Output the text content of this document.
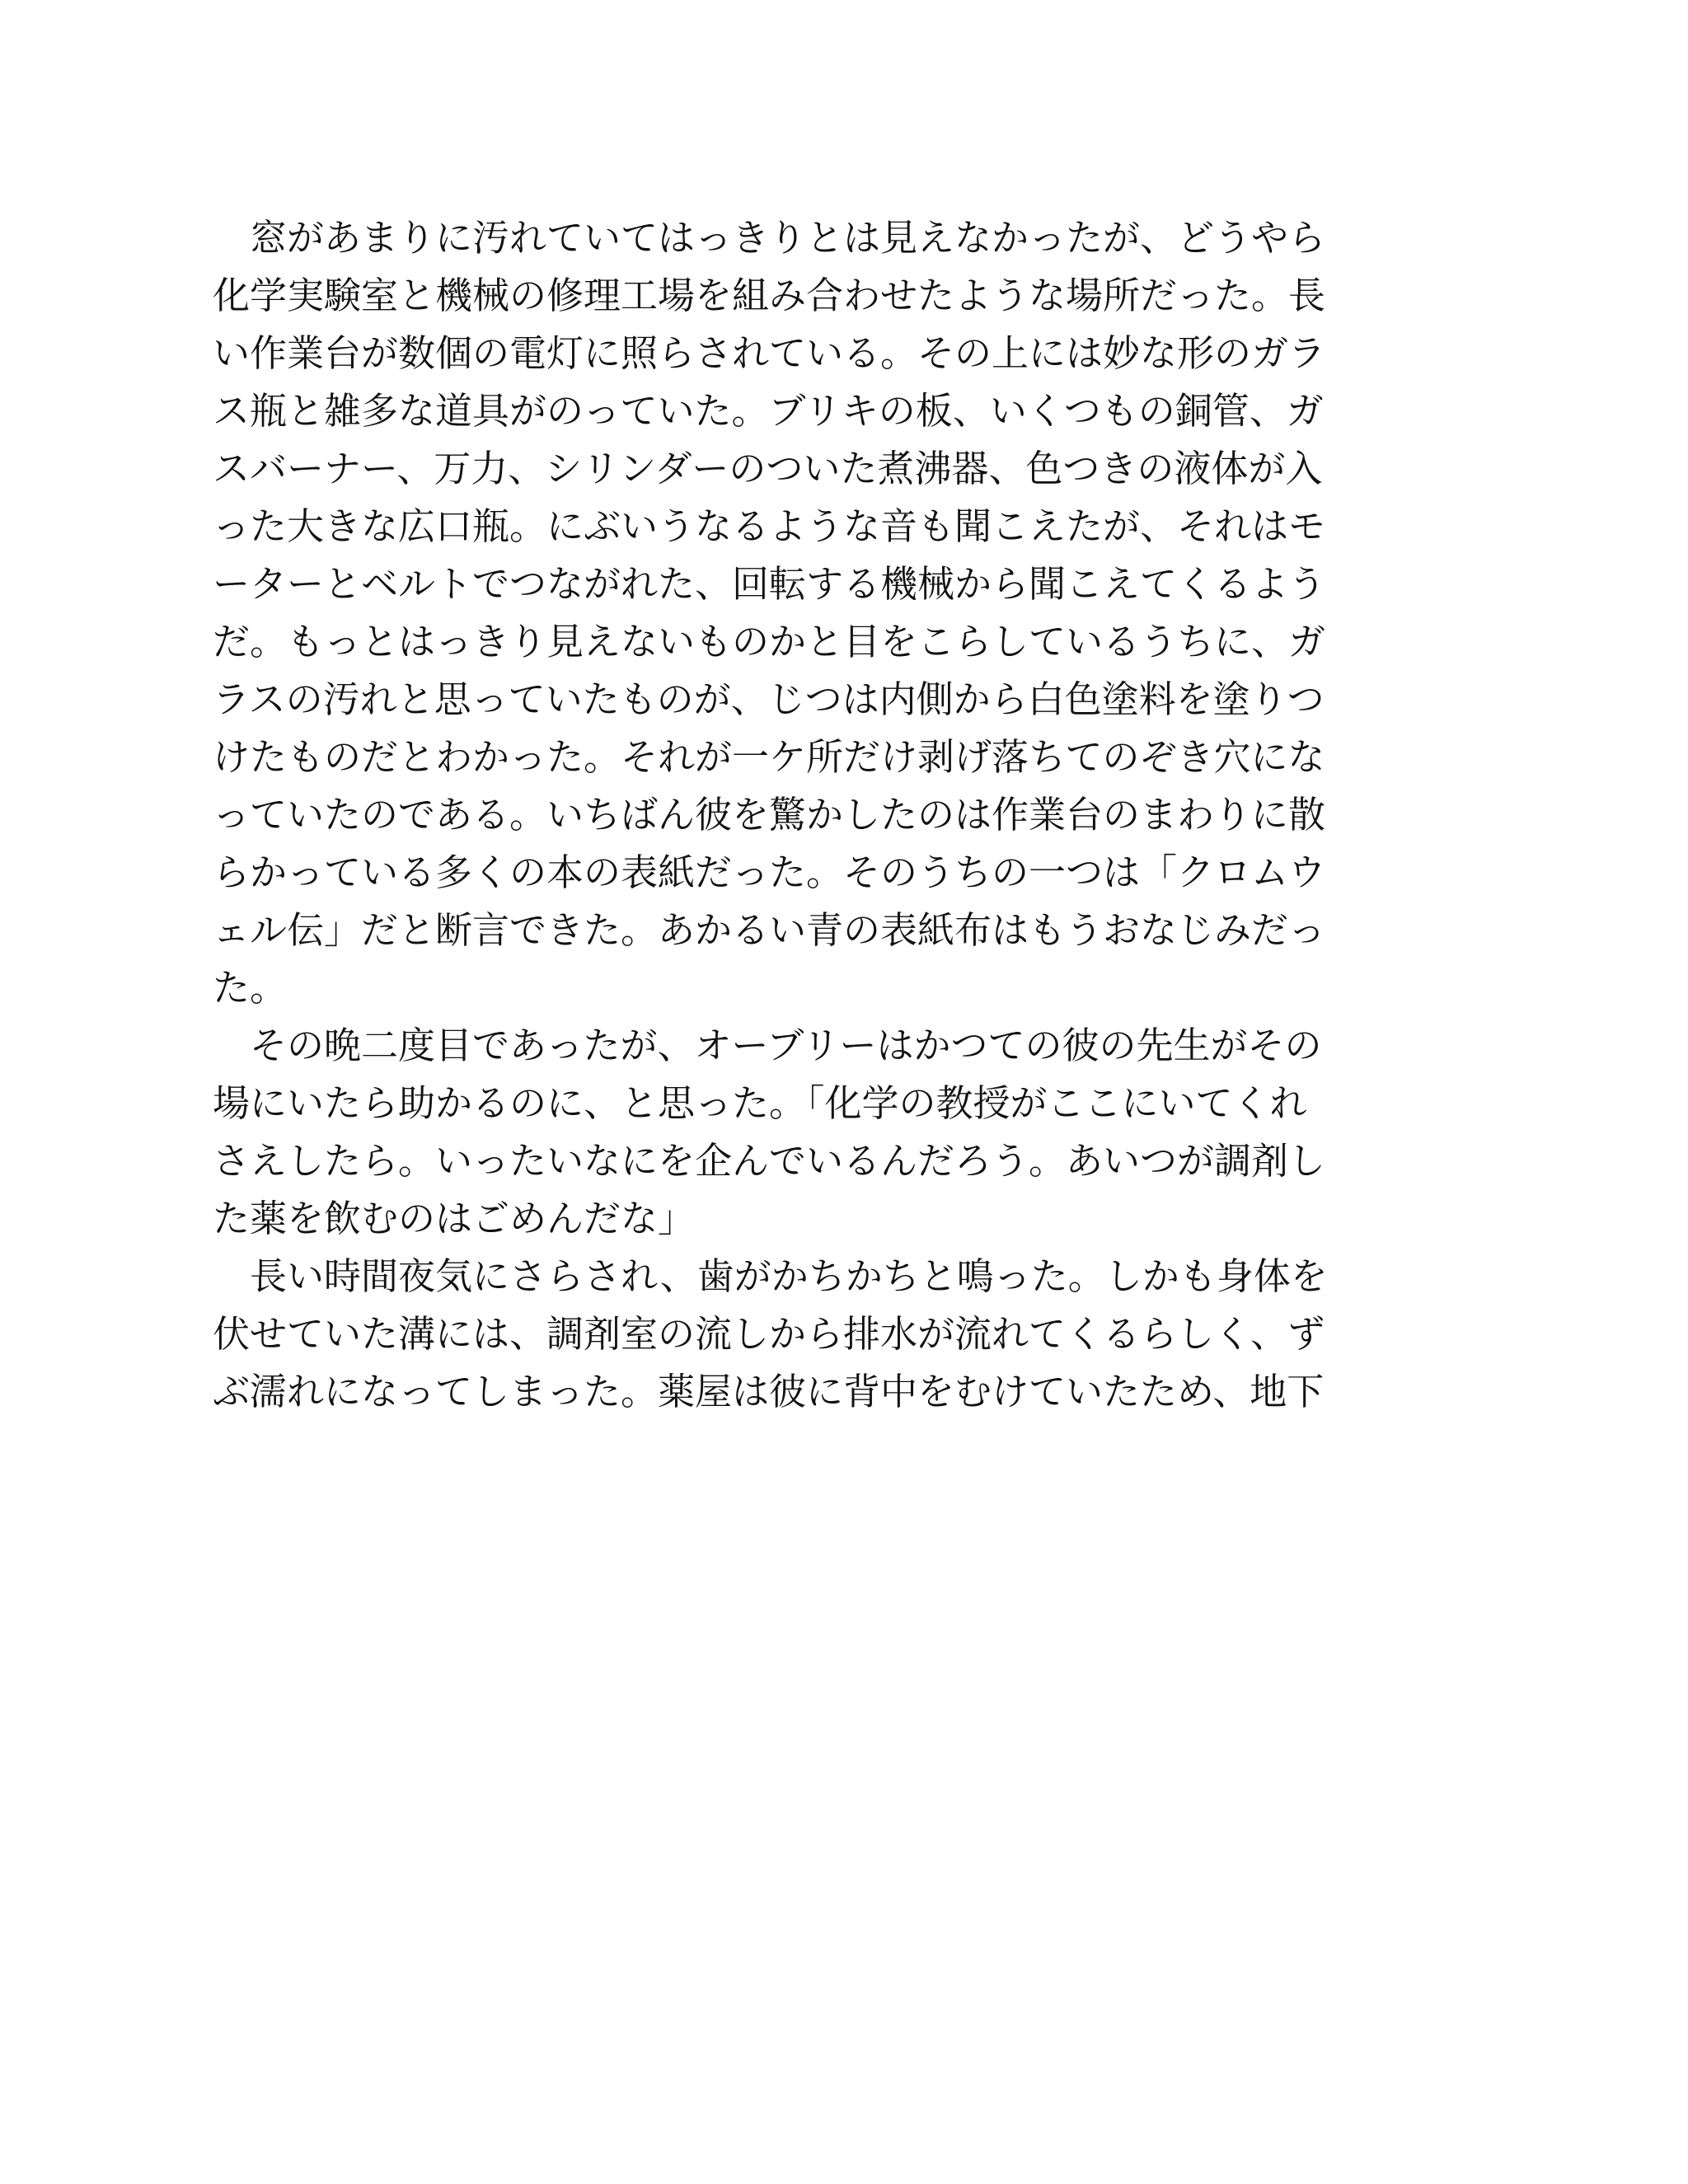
　窓があまりに汚れていてはっきりとは見えなかったが、どうやら
化学実験室と機械の修理工場を組み合わせたような場所だった。長
い作業台が数個の電灯に照らされている。その上には妙な形のガラ
ス瓶と雑多な道具がのっていた。ブリキの板、いくつもの銅管、ガ
スバーナー、万力、シリンダーのついた煮沸器、色つきの液体が入
った大きな広口瓶。にぶいうなるような音も聞こえたが、それはモ
ーターとベルトでつながれた、回転する機械から聞こえてくるよう
だ。もっとはっきり見えないものかと目をこらしているうちに、ガ
ラスの汚れと思っていたものが、じつは内側から白色塗料を塗りつ
けたものだとわかった。それが一ケ所だけ剥げ落ちてのぞき穴にな
っていたのである。いちばん彼を驚かしたのは作業台のまわりに散
らかっている多くの本の表紙だった。そのうちの一つは「クロムウ
ェル伝」だと断言できた。あかるい青の表紙布はもうおなじみだっ
た。

　その晩二度目であったが、オーブリーはかつての彼の先生がその
場にいたら助かるのに、と思った。「化学の教授がここにいてくれ
さえしたら。いったいなにを企んでいるんだろう。あいつが調剤し
た薬を飲むのはごめんだな」

　長い時間夜気にさらされ、歯がかちかちと鳴った。しかも身体を
伏せていた溝には、調剤室の流しから排水が流れてくるらしく、ず
ぶ濡れになってしまった。薬屋は彼に背中をむけていたため、地下
